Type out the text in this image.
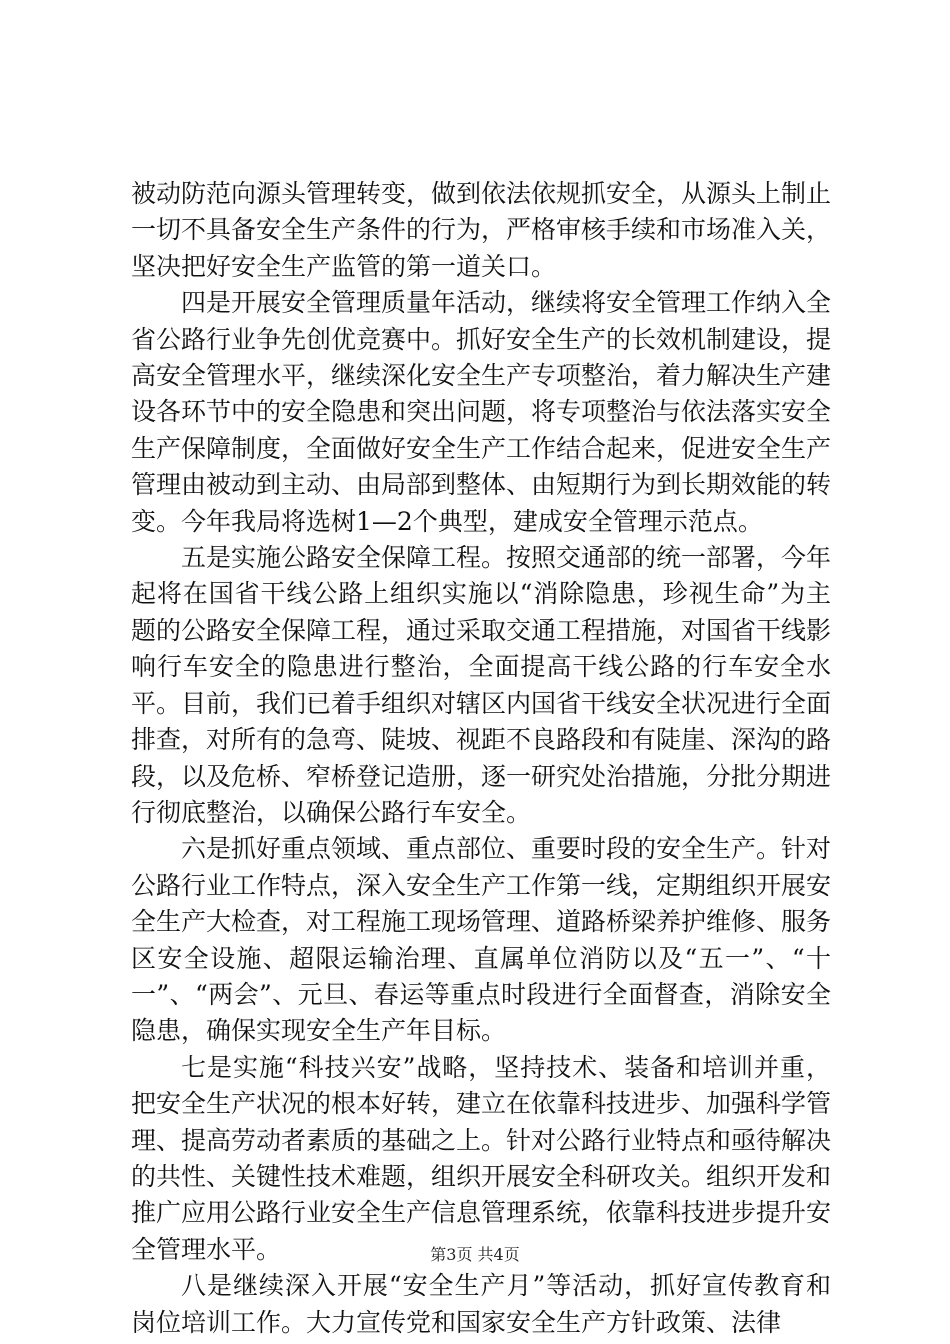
被动防范向源头管理转变，做到依法依规抓安全，从源头上制止一切不具备安全生产条件的行为，严格审核手续和市场准入关，坚决把好安全生产监管的第一道关口。

四是开展安全管理质量年活动，继续将安全管理工作纳入全省公路行业争先创优竞赛中。抓好安全生产的长效机制建设，提高安全管理水平，继续深化安全生产专项整治，着力解决生产建设各环节中的安全隐患和突出问题，将专项整治与依法落实安全生产保障制度，全面做好安全生产工作结合起来，促进安全生产管理由被动到主动、由局部到整体、由短期行为到长期效能的转变。今年我局将选树1—2个典型，建成安全管理示范点。

五是实施公路安全保障工程。按照交通部的统一部署，今年起将在国省干线公路上组织实施以“消除隐患，珍视生命”为主题的公路安全保障工程，通过采取交通工程措施，对国省干线影响行车安全的隐患进行整治，全面提高干线公路的行车安全水平。目前，我们已着手组织对辖区内国省干线安全状况进行全面排查，对所有的急弯、陡坡、视距不良路段和有陡崖、深沟的路段，以及危桥、窄桥登记造册，逐一研究处治措施，分批分期进行彻底整治，以确保公路行车安全。

六是抓好重点领域、重点部位、重要时段的安全生产。针对公路行业工作特点，深入安全生产工作第一线，定期组织开展安全生产大检查，对工程施工现场管理、道路桥梁养护维修、服务区安全设施、超限运输治理、直属单位消防以及“五一”、“十一”、“两会”、元旦、春运等重点时段进行全面督查，消除安全隐患，确保实现安全生产年目标。

七是实施“科技兴安”战略，坚持技术、装备和培训并重，把安全生产状况的根本好转，建立在依靠科技进步、加强科学管理、提高劳动者素质的基础之上。针对公路行业特点和亟待解决的共性、关键性技术难题，组织开展安全科研攻关。组织开发和推广应用公路行业安全生产信息管理系统，依靠科技进步提升安全管理水平。

八是继续深入开展“安全生产月”等活动，抓好宣传教育和岗位培训工作。大力宣传党和国家安全生产方针政策、法律

第3页 共4页
